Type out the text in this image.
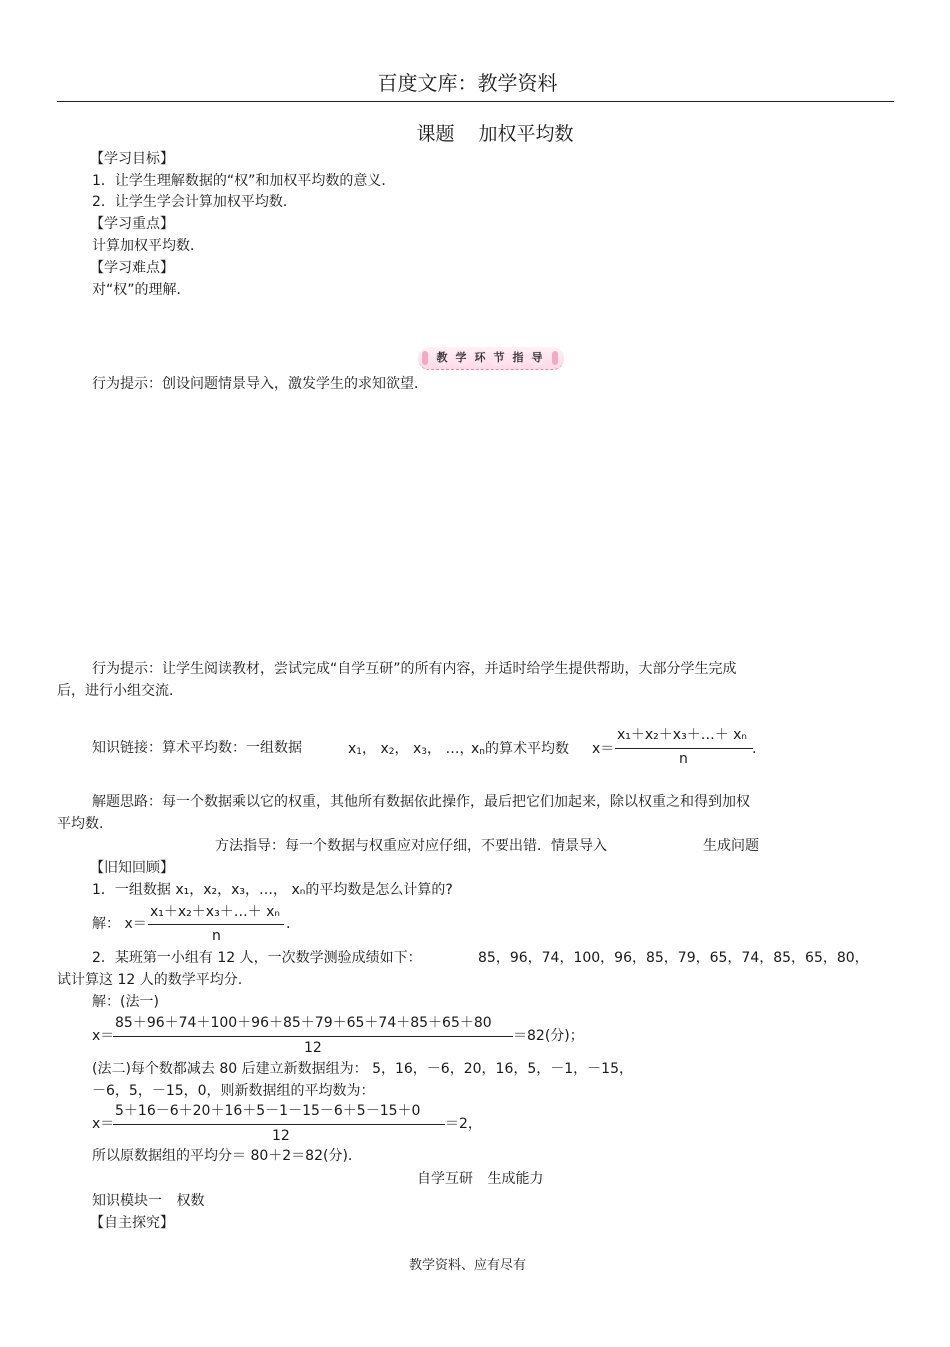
百度文库：教学资料
课题 加权平均数
【学习目标】
1．让学生理解数据的“权”和加权平均数的意义．
2．让学生学会计算加权平均数．
【学习重点】
计算加权平均数．
【学习难点】
对“权”的理解．
教 学 环 节 指 导
行为提示：创设问题情景导入，激发学生的求知欲望．
行为提示：让学生阅读教材，尝试完成“自学互研”的所有内容，并适时给学生提供帮助，大部分学生完成
后，进行小组交流．
知识链接：算术平均数：一组数据	x1， x2， x3， …，
xn的算术平均数 x＝
x₁＋x₂＋x₃＋…＋ xₙ
n
.
解题思路：每一个数据乘以它的权重，其他所有数据依此操作，最后把它们加起来，除以权重之和得到加权
平均数.
方法指导：每一个数据与权重应对应仔细，不要出错．情景导入	生成问题
【旧知回顾】
1．一组数据 x₁，x₂，x₃，…， xₙ的平均数是怎么计算的?
解： x＝
x₁＋x₂＋x₃＋…＋ xₙ
n
.
2．某班第一小组有 12 人，一次数学测验成绩如下：	85，96，74，100，96，85，79，65，74，85，65，80，
试计算这 12 人的数学平均分.
解：(法一)
x＝
85＋96＋74＋100＋96＋85＋79＋65＋74＋85＋65＋80
12
＝82(分)；
(法二)每个数都减去 80 后建立新数据组为： 5，16，－6，20，16，5，－1，－15，
－6，5，－15，0，则新数据组的平均数为：
x＝
5＋16－6＋20＋16＋5－1－15－6＋5－15＋0
12
＝2，
所以原数据组的平均分＝ 80＋2＝82(分).
自学互研 生成能力
知识模块一 权数
【自主探究】
教学资料、应有尽有
